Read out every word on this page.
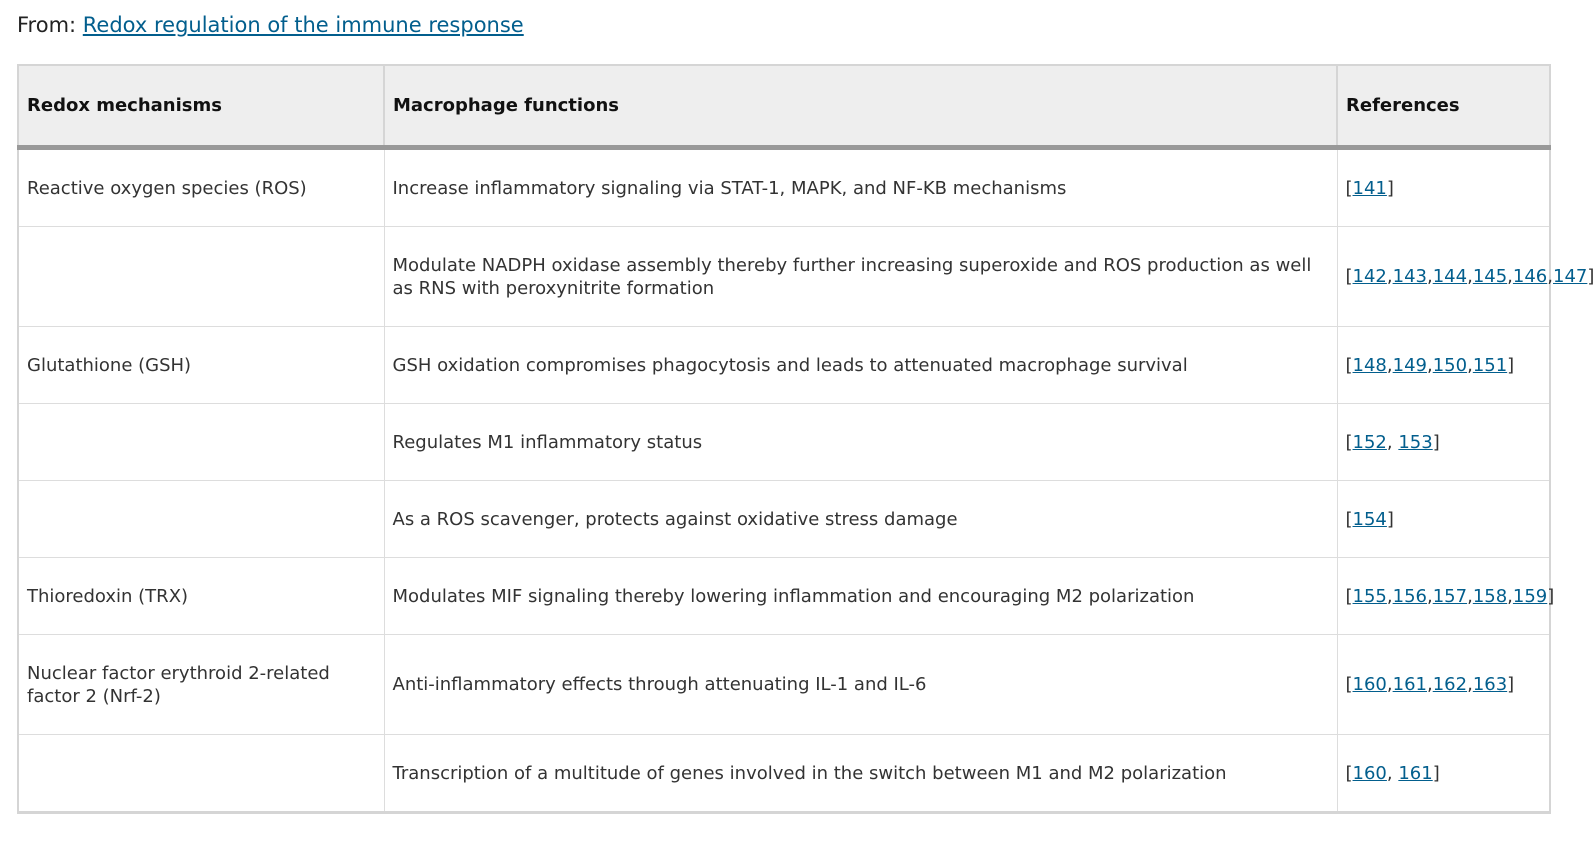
From: Redox regulation of the immune response
Redox mechanisms	Macrophage functions	References
Reactive oxygen species (ROS)	Increase inflammatory signaling via STAT-1, MAPK, and NF-KB mechanisms	[141]
	Modulate NADPH oxidase assembly thereby further increasing superoxide and ROS production as well as RNS with peroxynitrite formation	[142,143,144,145,146,147]
Glutathione (GSH)	GSH oxidation compromises phagocytosis and leads to attenuated macrophage survival	[148,149,150,151]
	Regulates M1 inflammatory status	[152, 153]
	As a ROS scavenger, protects against oxidative stress damage	[154]
Thioredoxin (TRX)	Modulates MIF signaling thereby lowering inflammation and encouraging M2 polarization	[155,156,157,158,159]
Nuclear factor erythroid 2-related factor 2 (Nrf-2)	Anti-inflammatory effects through attenuating IL-1 and IL-6	[160,161,162,163]
	Transcription of a multitude of genes involved in the switch between M1 and M2 polarization	[160, 161]
